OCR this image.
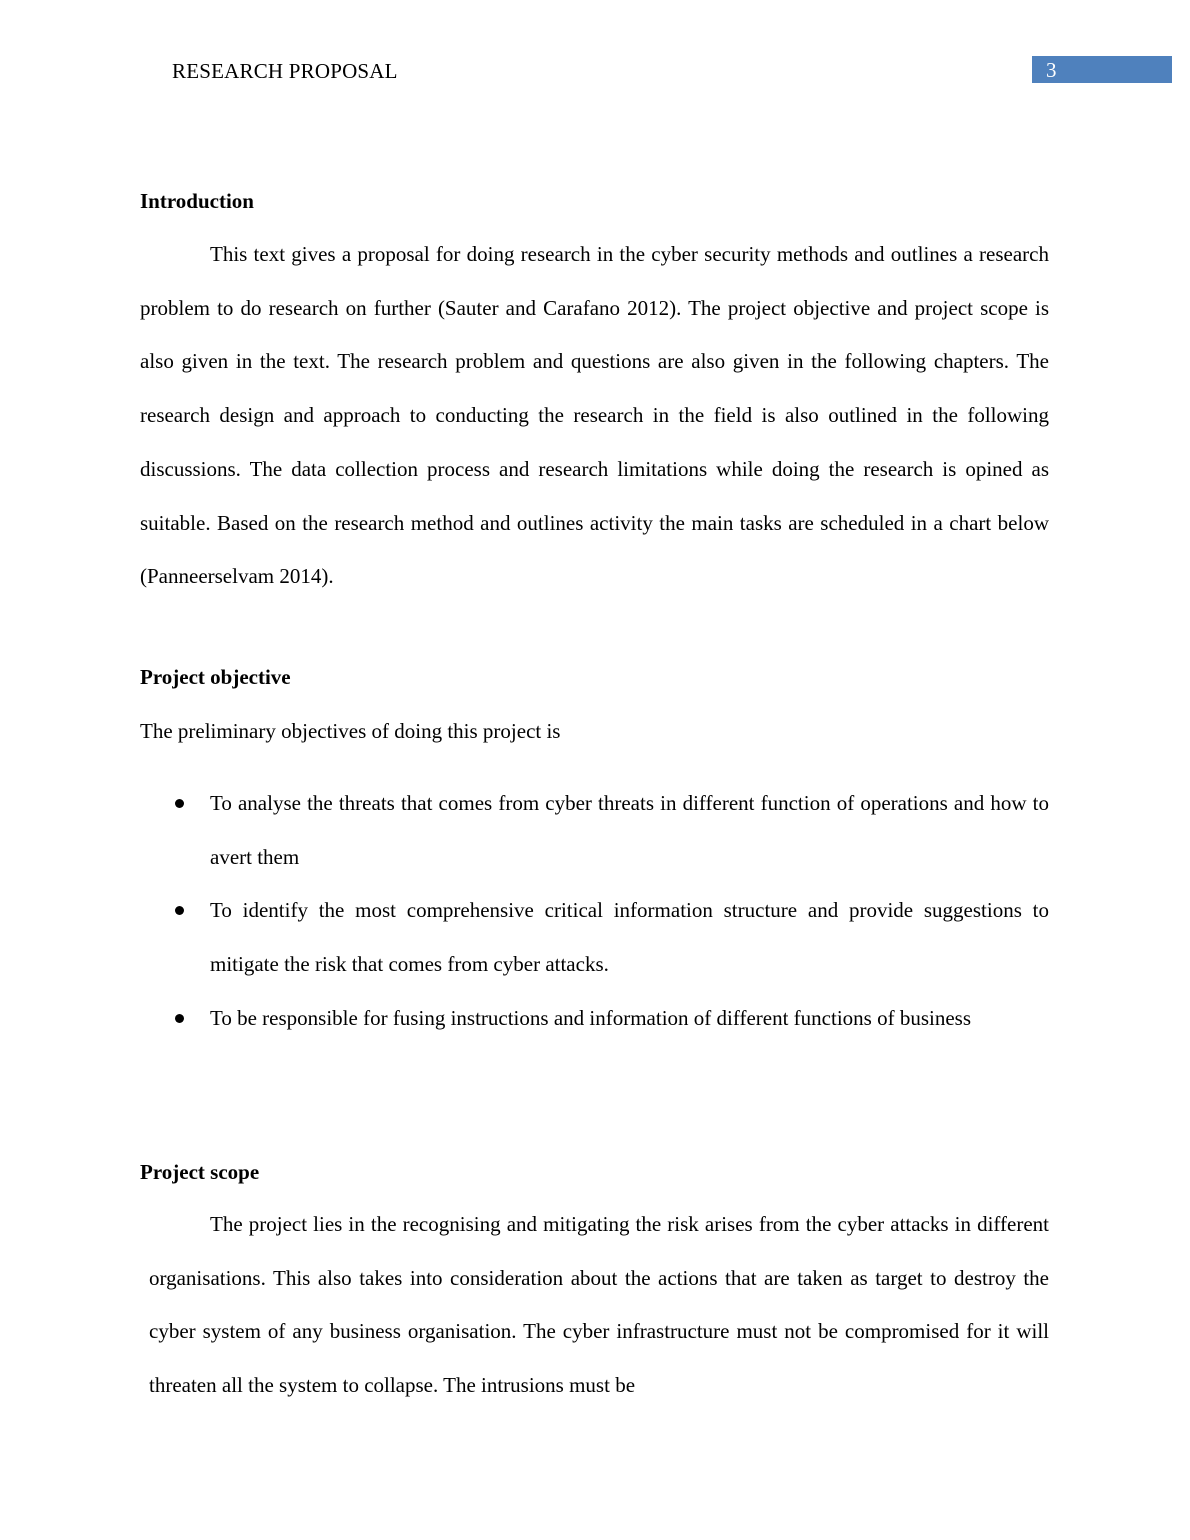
RESEARCH PROPOSAL	3
Introduction

This text gives a proposal for doing research in the cyber security methods and outlines a research problem to do research on further (Sauter and Carafano 2012). The project objective and project scope is also given in the text. The research problem and questions are also given in the following chapters. The research design and approach to conducting the research in the field is also outlined in the following discussions. The data collection process and research limitations while doing the research is opined as suitable. Based on the research method and outlines activity the main tasks are scheduled in a chart below (Panneerselvam 2014).

Project objective
The preliminary objectives of doing this project is
To analyse the threats that comes from cyber threats in different function of operations and how to avert them
To identify the most comprehensive critical information structure and provide suggestions to mitigate the risk that comes from cyber attacks.
To be responsible for fusing instructions and information of different functions of business
Project scope

The project lies in the recognising and mitigating the risk arises from the cyber attacks in different organisations. This also takes into consideration about the actions that are taken as target to destroy the cyber system of any business organisation. The cyber infrastructure must not be compromised for it will threaten all the system to collapse. The intrusions must be
